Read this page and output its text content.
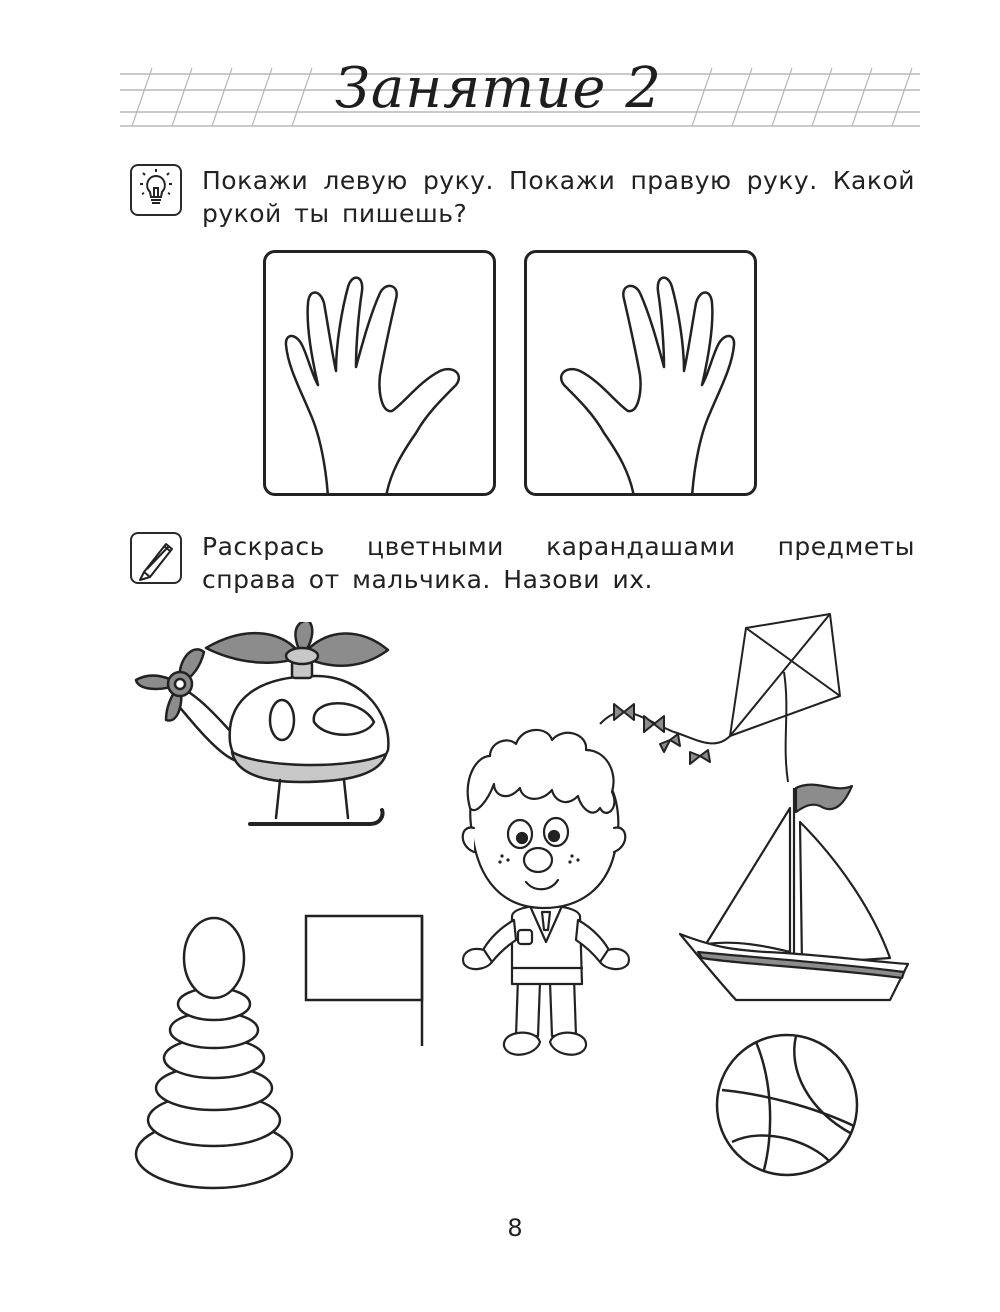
Занятие 2
Покажи левую руку. Покажи правую руку. Какой рукой ты пишешь?
Раскрась цветными карандашами предметы справа от мальчика. Назови их.
8
